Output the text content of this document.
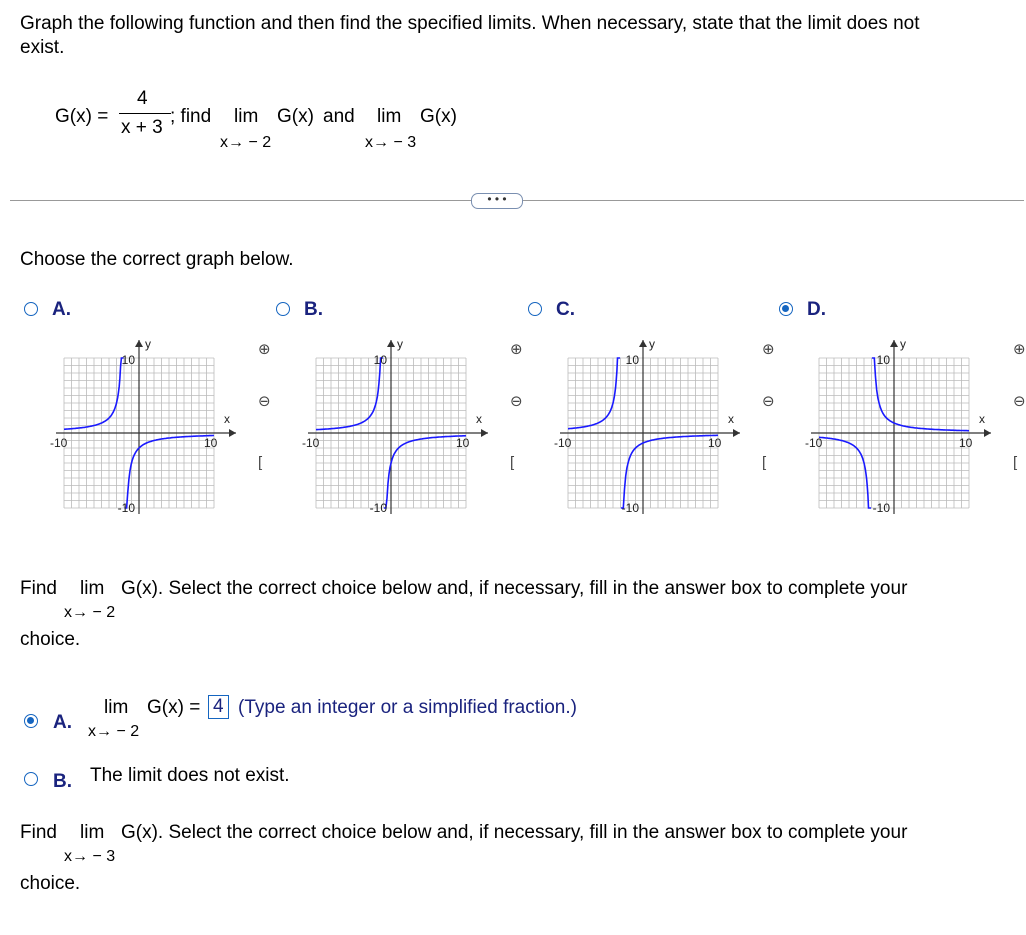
Graph the following function and then find the specified limits. When necessary, state that the limit does not
exist.
G(x) =
4
x + 3
; find lim G(x) and
x→ − 2
lim G(x)
x→ − 3
• • •
Choose the correct graph below.
A.
y
x
-10	10
10
-10
⊕
⊖
[
B.
y
x
-10	10
10
-10
⊕
⊖
[
C.
y
x
-10	10
10
-10
⊕
⊖
[
D.
y
x
-10	10
10
-10
⊕
⊖
[
Find lim G(x). Select the correct choice below and, if necessary, fill in the answer box to complete your
x→ − 2
choice.
A.
lim G(x) =
x→ − 2
4 (Type an integer or a simplified fraction.)
B. The limit does not exist.
Find lim G(x). Select the correct choice below and, if necessary, fill in the answer box to complete your
x→ − 3
choice.
